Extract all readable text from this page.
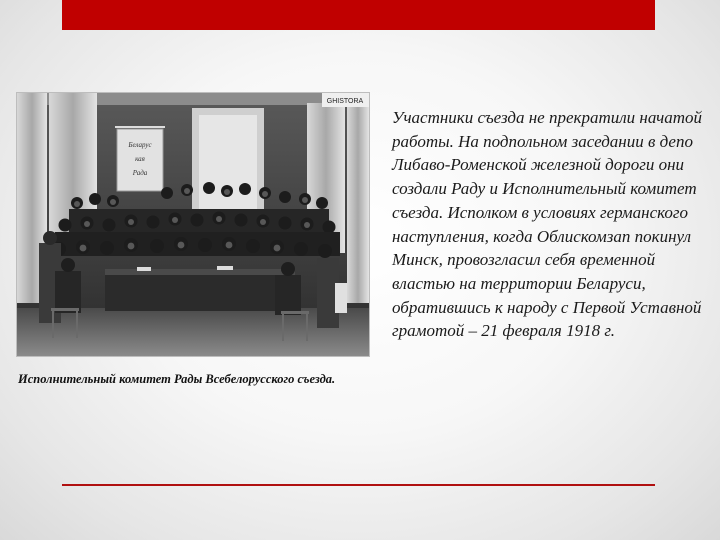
GHISTORA
Беларус
кая
Рада
Исполнительный комитет Рады Всебелорусского съезда.

Участники съезда не прекратили начатой работы. На подпольном заседании в депо Либаво-Роменской железной дороги они создали Раду и Исполнительный комитет съезда. Исполком в условиях германского наступления, когда Облискомзап покинул Минск, провозгласил себя временной властью на территории Беларуси, обратившись к народу с Первой Уставной грамотой – 21 февраля 1918 г.
